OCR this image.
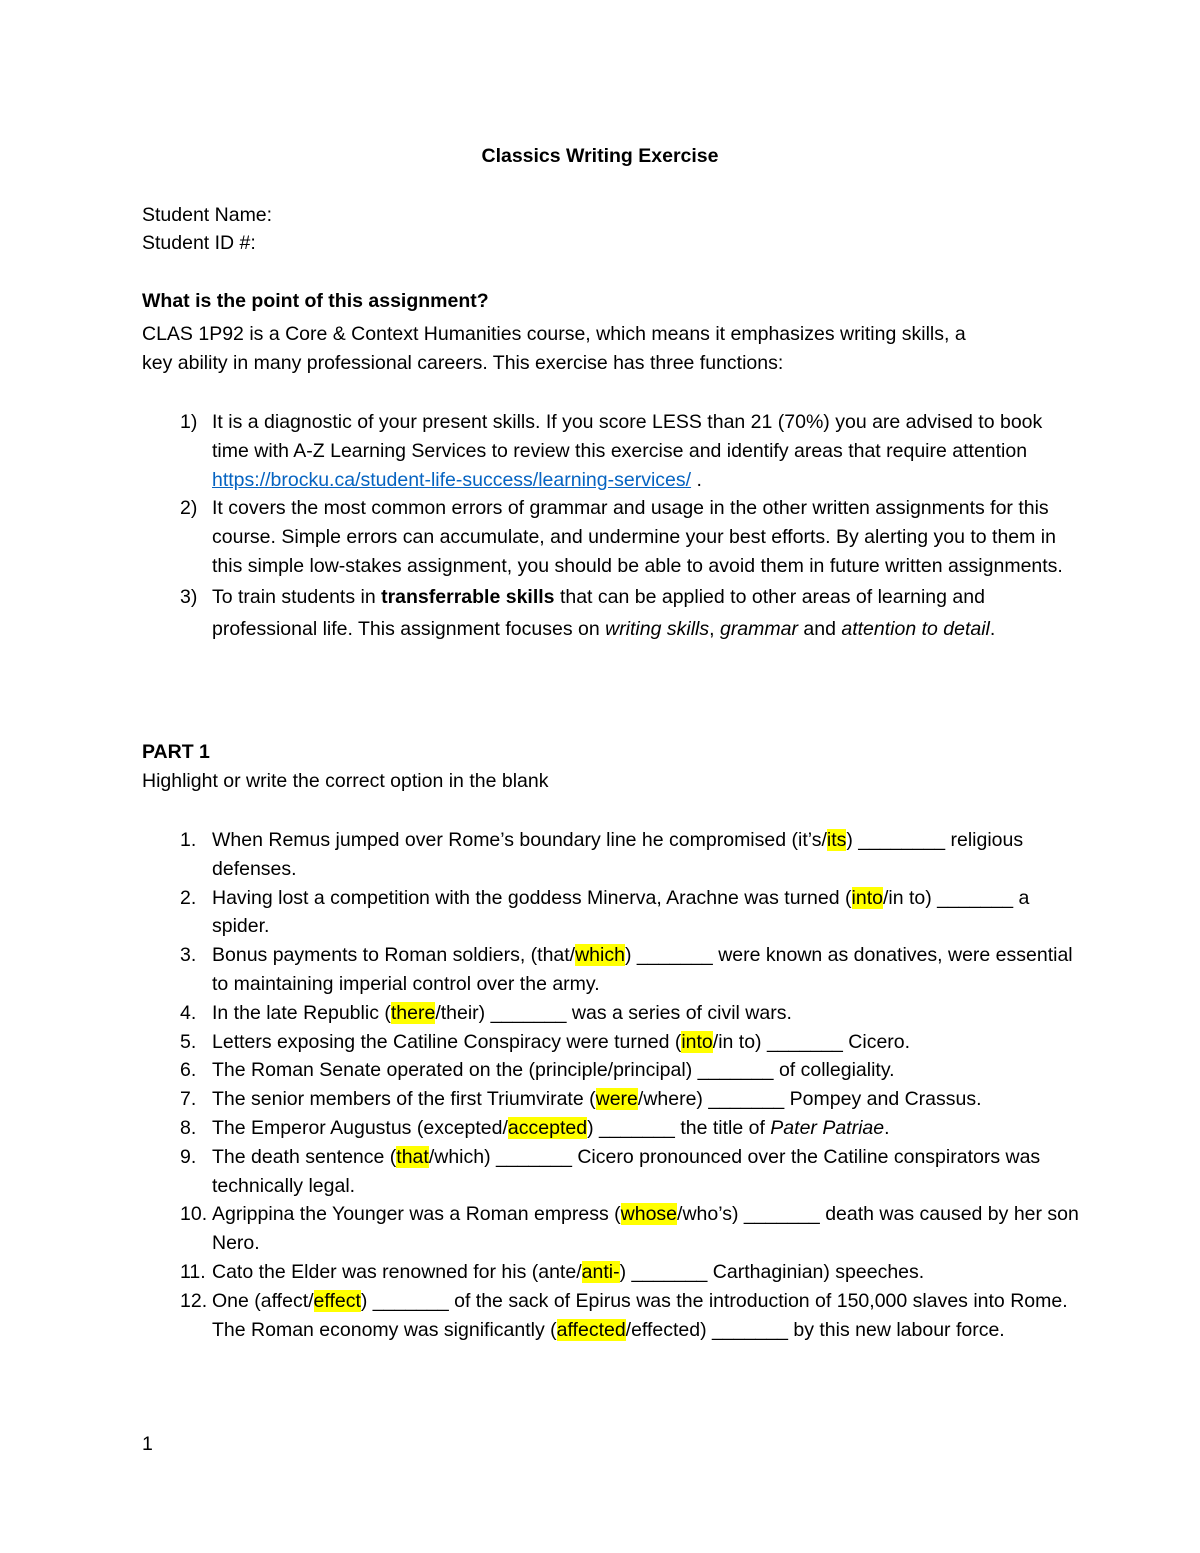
Classics Writing Exercise
Student Name:
Student ID #:
What is the point of this assignment?
CLAS 1P92 is a Core & Context Humanities course, which means it emphasizes writing skills, a
key ability in many professional careers. This exercise has three functions:
1) It is a diagnostic of your present skills. If you score LESS than 21 (70%) you are advised to book time with A-Z Learning Services to review this exercise and identify areas that require attention https://brocku.ca/student-life-success/learning-services/ .
2) It covers the most common errors of grammar and usage in the other written assignments for this course. Simple errors can accumulate, and undermine your best efforts. By alerting you to them in this simple low-stakes assignment, you should be able to avoid them in future written assignments.
3) To train students in transferrable skills that can be applied to other areas of learning and professional life. This assignment focuses on writing skills, grammar and attention to detail.
PART 1
Highlight or write the correct option in the blank
1. When Remus jumped over Rome’s boundary line he compromised (it’s/its) ________ religious defenses.
2. Having lost a competition with the goddess Minerva, Arachne was turned (into/in to) _______ a spider.
3. Bonus payments to Roman soldiers, (that/which) _______ were known as donatives, were essential to maintaining imperial control over the army.
4. In the late Republic (there/their) _______ was a series of civil wars.
5. Letters exposing the Catiline Conspiracy were turned (into/in to) _______ Cicero.
6. The Roman Senate operated on the (principle/principal) _______ of collegiality.
7. The senior members of the first Triumvirate (were/where) _______ Pompey and Crassus.
8. The Emperor Augustus (excepted/accepted) _______ the title of Pater Patriae.
9. The death sentence (that/which) _______ Cicero pronounced over the Catiline conspirators was technically legal.
10. Agrippina the Younger was a Roman empress (whose/who’s) _______ death was caused by her son Nero.
11. Cato the Elder was renowned for his (ante/anti-) _______ Carthaginian) speeches.
12. One (affect/effect) _______ of the sack of Epirus was the introduction of 150,000 slaves into Rome. The Roman economy was significantly (affected/effected) _______ by this new labour force.
1
